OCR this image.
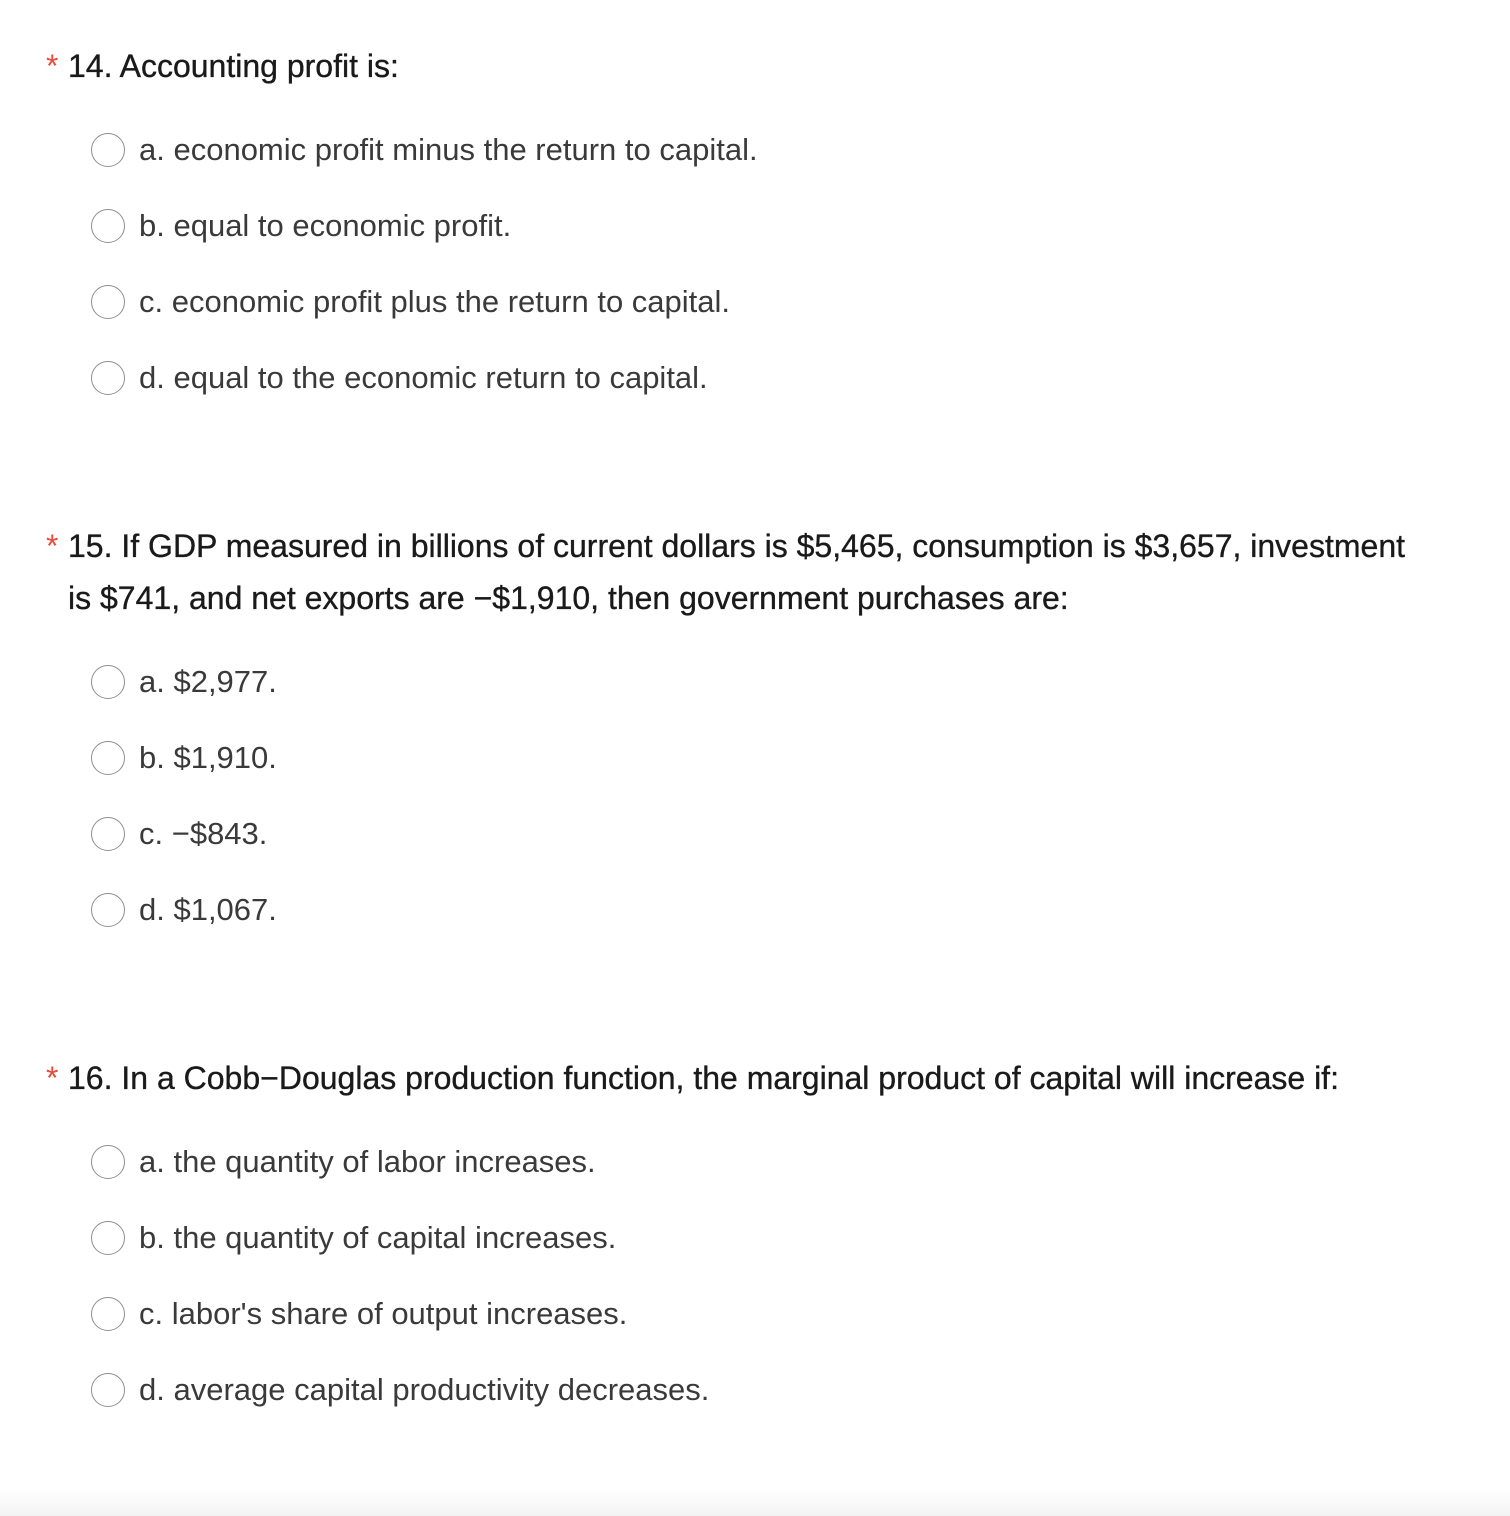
* 14. Accounting profit is:
a. economic profit minus the return to capital.
b. equal to economic profit.
c. economic profit plus the return to capital.
d. equal to the economic return to capital.
* 15. If GDP measured in billions of current dollars is $5,465, consumption is $3,657, investment is $741, and net exports are −$1,910, then government purchases are:
a. $2,977.
b. $1,910.
c. −$843.
d. $1,067.
* 16. In a Cobb−Douglas production function, the marginal product of capital will increase if:
a. the quantity of labor increases.
b. the quantity of capital increases.
c. labor's share of output increases.
d. average capital productivity decreases.
